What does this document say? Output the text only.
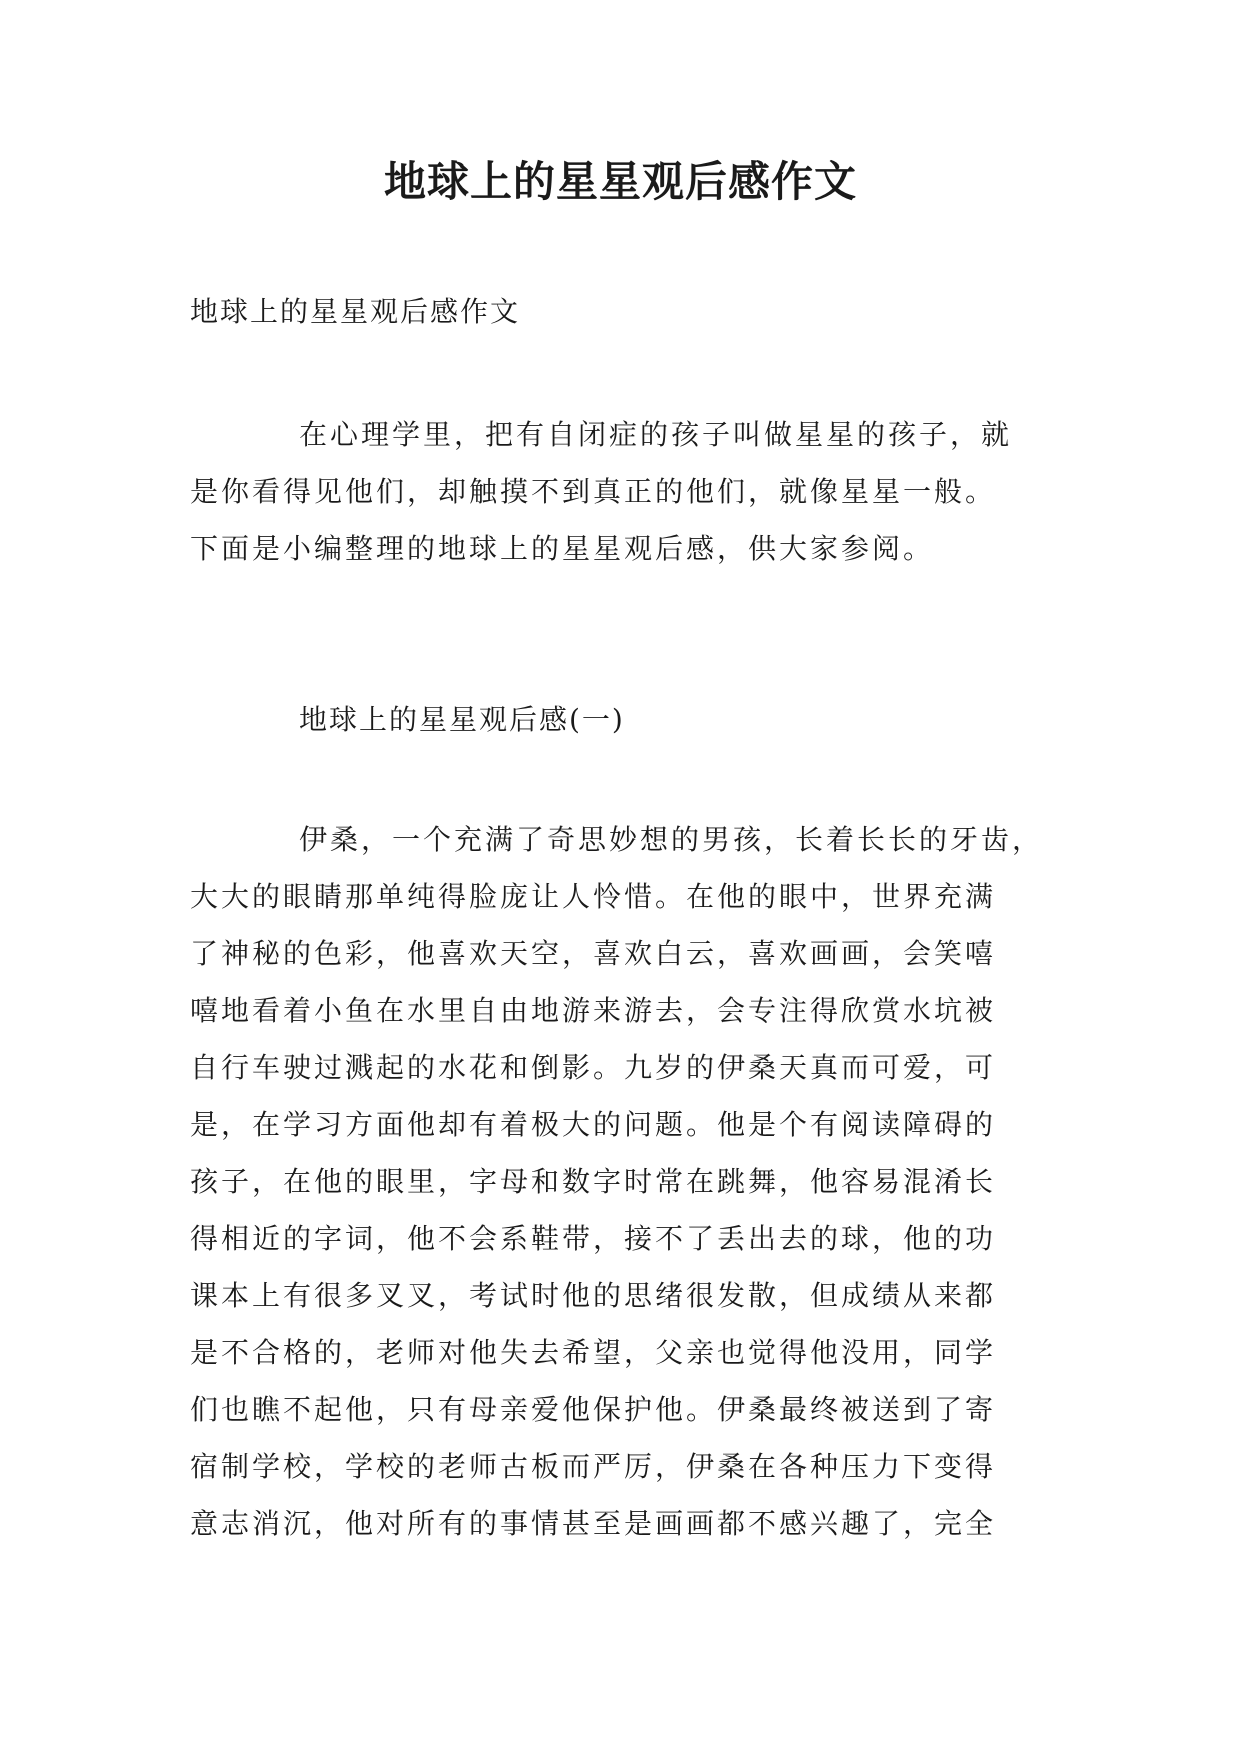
地球上的星星观后感作文

地球上的星星观后感作文

在心理学里，把有自闭症的孩子叫做星星的孩子，就
是你看得见他们，却触摸不到真正的他们，就像星星一般。
下面是小编整理的地球上的星星观后感，供大家参阅。

地球上的星星观后感(一)

伊桑，一个充满了奇思妙想的男孩，长着长长的牙齿，
大大的眼睛那单纯得脸庞让人怜惜。在他的眼中，世界充满
了神秘的色彩，他喜欢天空，喜欢白云，喜欢画画，会笑嘻
嘻地看着小鱼在水里自由地游来游去，会专注得欣赏水坑被
自行车驶过溅起的水花和倒影。九岁的伊桑天真而可爱，可
是，在学习方面他却有着极大的问题。他是个有阅读障碍的
孩子，在他的眼里，字母和数字时常在跳舞，他容易混淆长
得相近的字词，他不会系鞋带，接不了丢出去的球，他的功
课本上有很多叉叉，考试时他的思绪很发散，但成绩从来都
是不合格的，老师对他失去希望，父亲也觉得他没用，同学
们也瞧不起他，只有母亲爱他保护他。伊桑最终被送到了寄
宿制学校，学校的老师古板而严厉，伊桑在各种压力下变得
意志消沉，他对所有的事情甚至是画画都不感兴趣了，完全
